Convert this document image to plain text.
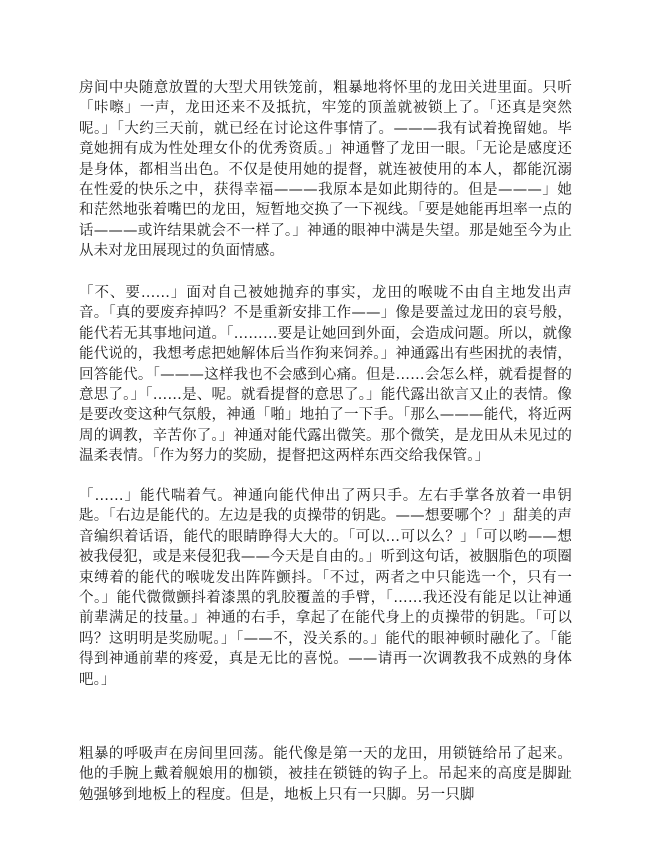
房间中央随意放置的大型犬用铁笼前，粗暴地将怀里的龙田关进里面。只听「咔嚓」一声，龙田还来不及抵抗，牢笼的顶盖就被锁上了。「还真是突然呢。」「大约三天前，就已经在讨论这件事情了。———我有试着挽留她。毕竟她拥有成为性处理女仆的优秀资质。」神通瞥了龙田一眼。「无论是感度还是身体，都相当出色。不仅是使用她的提督，就连被使用的本人，都能沉溺在性爱的快乐之中，获得幸福———我原本是如此期待的。但是———」她和茫然地张着嘴巴的龙田，短暂地交换了一下视线。「要是她能再坦率一点的话———或许结果就会不一样了。」神通的眼神中满是失望。那是她至今为止从未对龙田展现过的负面情感。

「不、要……」面对自己被她抛弃的事实，龙田的喉咙不由自主地发出声音。「真的要废弃掉吗？不是重新安排工作——」像是要盖过龙田的哀号般，能代若无其事地问道。「………要是让她回到外面，会造成问题。所以，就像能代说的，我想考虑把她解体后当作狗来饲养。」神通露出有些困扰的表情，回答能代。「———这样我也不会感到心痛。但是……会怎么样，就看提督的意思了。」「……是、呢。就看提督的意思了。」能代露出欲言又止的表情。像是要改变这种气氛般，神通「啪」地拍了一下手。「那么———能代，将近两周的调教，辛苦你了。」神通对能代露出微笑。那个微笑，是龙田从未见过的温柔表情。「作为努力的奖励，提督把这两样东西交给我保管。」

「……」能代喘着气。神通向能代伸出了两只手。左右手掌各放着一串钥匙。「右边是能代的。左边是我的贞操带的钥匙。——想要哪个？」甜美的声音编织着话语，能代的眼睛睁得大大的。「可以…可以么？」「可以哟——想被我侵犯，或是来侵犯我——今天是自由的。」听到这句话，被胭脂色的项圈束缚着的能代的喉咙发出阵阵颤抖。「不过，两者之中只能选一个，只有一个。」能代微微颤抖着漆黑的乳胶覆盖的手臂，「……我还没有能足以让神通前辈满足的技量。」神通的右手，拿起了在能代身上的贞操带的钥匙。「可以吗？这明明是奖励呢。」「——不，没关系的。」能代的眼神顿时融化了。「能得到神通前辈的疼爱，真是无比的喜悦。——请再一次调教我不成熟的身体吧。」

粗暴的呼吸声在房间里回荡。能代像是第一天的龙田，用锁链给吊了起来。他的手腕上戴着舰娘用的枷锁，被挂在锁链的钩子上。吊起来的高度是脚趾勉强够到地板上的程度。但是，地板上只有一只脚。另一只脚
